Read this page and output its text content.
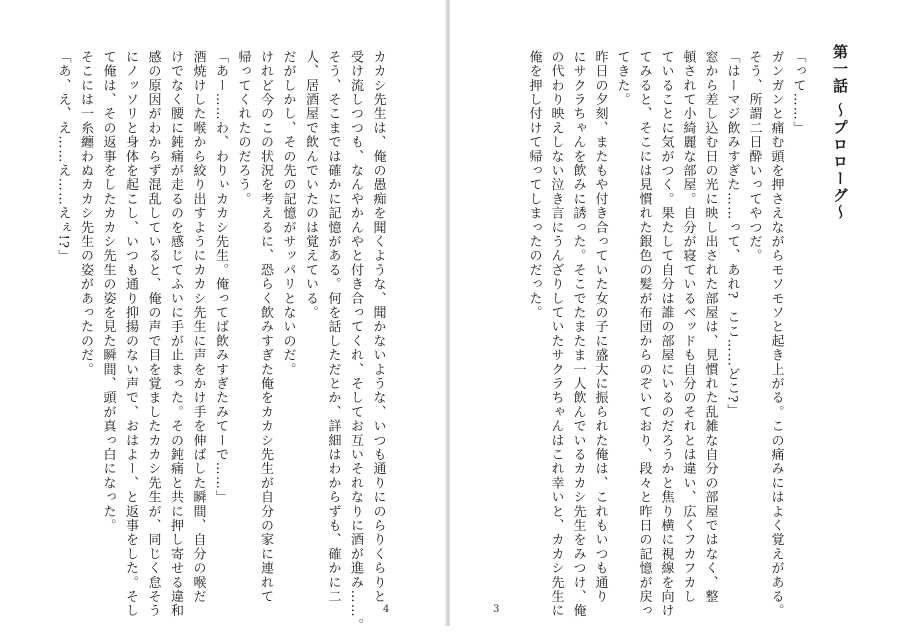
4
カカシ先生は、俺の愚痴を聞くような、聞かないような、いつも通りにのらりくらりと
受け流しつつも、なんやかんやと付き合ってくれ、そしてお互いそれなりに酒が進み……。
そう、そこまでは確かに記憶がある。何を話しただとか、詳細はわからずも、確かに二
人、居酒屋で飲んでいたのは覚えている。
だがしかし、その先の記憶がサッパリとないのだ。
けれど今のこの状況を考えるに、恐らく飲みすぎた俺をカカシ先生が自分の家に連れて
帰ってくれたのだろう。
「あー……わ、わりぃカカシ先生。俺ってば飲みすぎたみてーで……」
酒焼けした喉から絞り出すようにカカシ先生に声をかけ手を伸ばした瞬間、自分の喉だ
けでなく腰に鈍痛が走るのを感じてふいに手が止まった。その鈍痛と共に押し寄せる違和
感の原因がわからず混乱していると、俺の声で目を覚ましたカカシ先生が、同じく怠そう
にノッソリと身体を起こし、いつも通り抑揚のない声で、おはよー、と返事をした。そし
て俺は、その返事をしたカカシ先生の姿を見た瞬間、頭が真っ白になった。
そこには一糸纏わぬカカシ先生の姿があったのだ。
「あ、え、え……え……えぇ!?」	第一話 〜プロローグ〜
3
「って……」
ガンガンと痛む頭を押さえながらモソモソと起き上がる。この痛みにはよく覚えがある。
そう、所謂二日酔いってやつだ。
「はーマジ飲みすぎた……って、あれ?  ここ……どこ?」
窓から差し込む日の光に映し出された部屋は、見慣れた乱雑な自分の部屋ではなく、整
頓されて小綺麗な部屋。自分が寝ているベッドも自分のそれとは違い、広くフカフカし
ていることに気がつく。果たして自分は誰の部屋にいるのだろうかと焦り横に視線を向け
てみると、そこには見慣れた銀色の髪が布団からのぞいており、段々と昨日の記憶が戻っ
てきた。
昨日の夕刻、またもや付き合っていた女の子に盛大に振られた俺は、これもいつも通り
にサクラちゃんを飲みに誘った。そこでたまたま一人飲んでいるカカシ先生をみつけ、俺
の代わり映えしない泣き言にうんざりしていたサクラちゃんはこれ幸いと、カカシ先生に
俺を押し付けて帰ってしまったのだった。
